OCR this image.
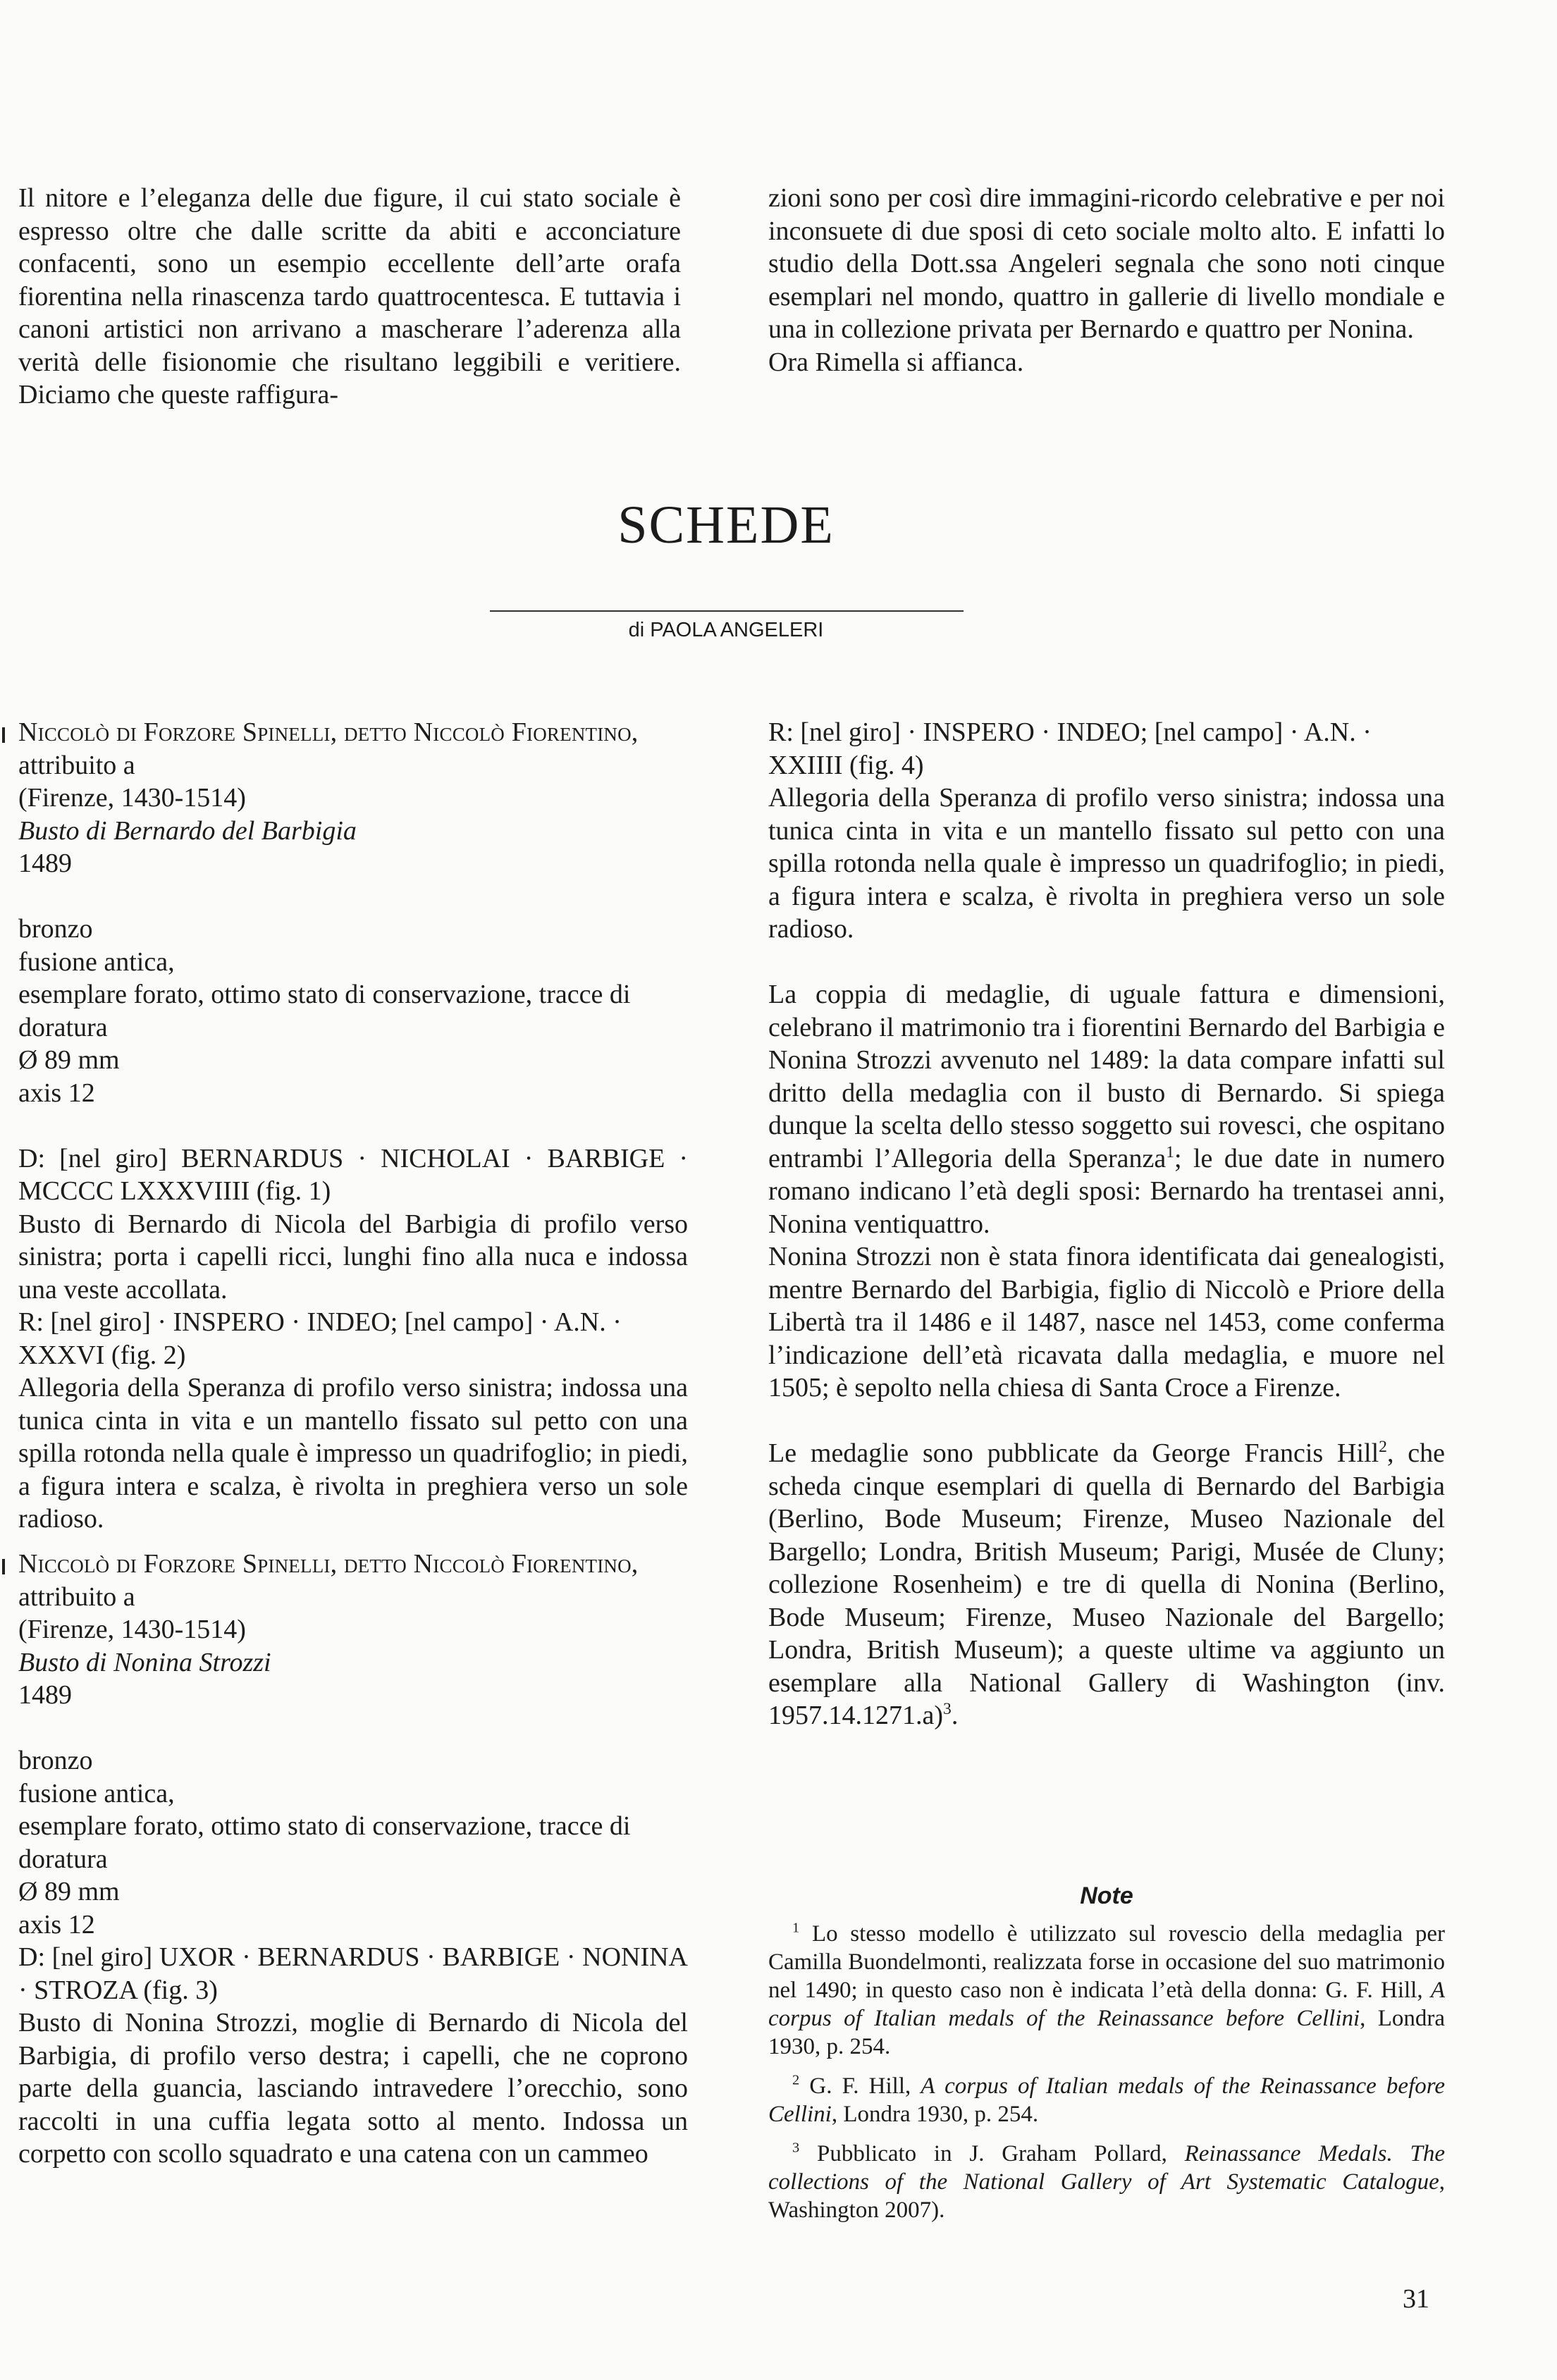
Il nitore e l’eleganza delle due figure, il cui stato sociale è espresso oltre che dalle scritte da abiti e acconciature confacenti, sono un esempio eccellente dell’arte orafa fiorentina nella rinascenza tardo quattrocentesca. E tuttavia i canoni artistici non arrivano a mascherare l’aderenza alla verità delle fisionomie che risultano leggibili e veritiere. Diciamo che queste raffigura-

zioni sono per così dire immagini-ricordo celebrative e per noi inconsuete di due sposi di ceto sociale molto alto. E infatti lo studio della Dott.ssa Angeleri segnala che sono noti cinque esemplari nel mondo, quattro in gallerie di livello mondiale e una in collezione privata per Bernardo e quattro per Nonina.

Ora Rimella si affianca.

SCHEDE
di PAOLA ANGELERI

Niccolò di Forzore Spinelli, detto Niccolò Fiorentino,

attribuito a

(Firenze, 1430-1514)

Busto di Bernardo del Barbigia

1489

bronzo

fusione antica,

esemplare forato, ottimo stato di conservazione, tracce di doratura

Ø 89 mm

axis 12

D: [nel giro] BERNARDUS · NICHOLAI · BARBIGE · MCCCC LXXXVIIII (fig. 1)

Busto di Bernardo di Nicola del Barbigia di profilo verso sinistra; porta i capelli ricci, lunghi fino alla nuca e indossa una veste accollata.

R: [nel giro] · INSPERO · INDEO; [nel campo] · A.N. · XXXVI (fig. 2)

Allegoria della Speranza di profilo verso sinistra; indossa una tunica cinta in vita e un mantello fissato sul petto con una spilla rotonda nella quale è impresso un quadrifoglio; in piedi, a figura intera e scalza, è rivolta in preghiera verso un sole radioso.

Niccolò di Forzore Spinelli, detto Niccolò Fiorentino,

attribuito a

(Firenze, 1430-1514)

Busto di Nonina Strozzi

1489

bronzo

fusione antica,

esemplare forato, ottimo stato di conservazione, tracce di doratura

Ø 89 mm

axis 12

D: [nel giro] UXOR · BERNARDUS · BARBIGE · NONINA · STROZA (fig. 3)

Busto di Nonina Strozzi, moglie di Bernardo di Nicola del Barbigia, di profilo verso destra; i capelli, che ne coprono parte della guancia, lasciando intravedere l’orecchio, sono raccolti in una cuffia legata sotto al mento. Indossa un corpetto con scollo squadrato e una catena con un cammeo

R: [nel giro] · INSPERO · INDEO; [nel campo] · A.N. · XXIIII (fig. 4)

Allegoria della Speranza di profilo verso sinistra; indossa una tunica cinta in vita e un mantello fissato sul petto con una spilla rotonda nella quale è impresso un quadrifoglio; in piedi, a figura intera e scalza, è rivolta in preghiera verso un sole radioso.

La coppia di medaglie, di uguale fattura e dimensioni, celebrano il matrimonio tra i fiorentini Bernardo del Barbigia e Nonina Strozzi avvenuto nel 1489: la data compare infatti sul dritto della medaglia con il busto di Bernardo. Si spiega dunque la scelta dello stesso soggetto sui rovesci, che ospitano entrambi l’Allegoria della Speranza$^1$; le due date in numero romano indicano l’età degli sposi: Bernardo ha trentasei anni, Nonina ventiquattro.

Nonina Strozzi non è stata finora identificata dai genealogisti, mentre Bernardo del Barbigia, figlio di Niccolò e Priore della Libertà tra il 1486 e il 1487, nasce nel 1453, come conferma l’indicazione dell’età ricavata dalla medaglia, e muore nel 1505; è sepolto nella chiesa di Santa Croce a Firenze.

Le medaglie sono pubblicate da George Francis Hill$^2$, che scheda cinque esemplari di quella di Bernardo del Barbigia (Berlino, Bode Museum; Firenze, Museo Nazionale del Bargello; Londra, British Museum; Parigi, Musée de Cluny; collezione Rosenheim) e tre di quella di Nonina (Berlino, Bode Museum; Firenze, Museo Nazionale del Bargello; Londra, British Museum); a queste ultime va aggiunto un esemplare alla National Gallery di Washington (inv. 1957.14.1271.a)$^3$.

Note

$^1$ Lo stesso modello è utilizzato sul rovescio della medaglia per Camilla Buondelmonti, realizzata forse in occasione del suo matrimonio nel 1490; in questo caso non è indicata l’età della donna: G. F. Hill, A corpus of Italian medals of the Reinassance before Cellini, Londra 1930, p. 254.

$^2$ G. F. Hill, A corpus of Italian medals of the Reinassance before Cellini, Londra 1930, p. 254.

$^3$ Pubblicato in J. Graham Pollard, Reinassance Medals. The collections of the National Gallery of Art Systematic Catalogue, Washington 2007).

31
